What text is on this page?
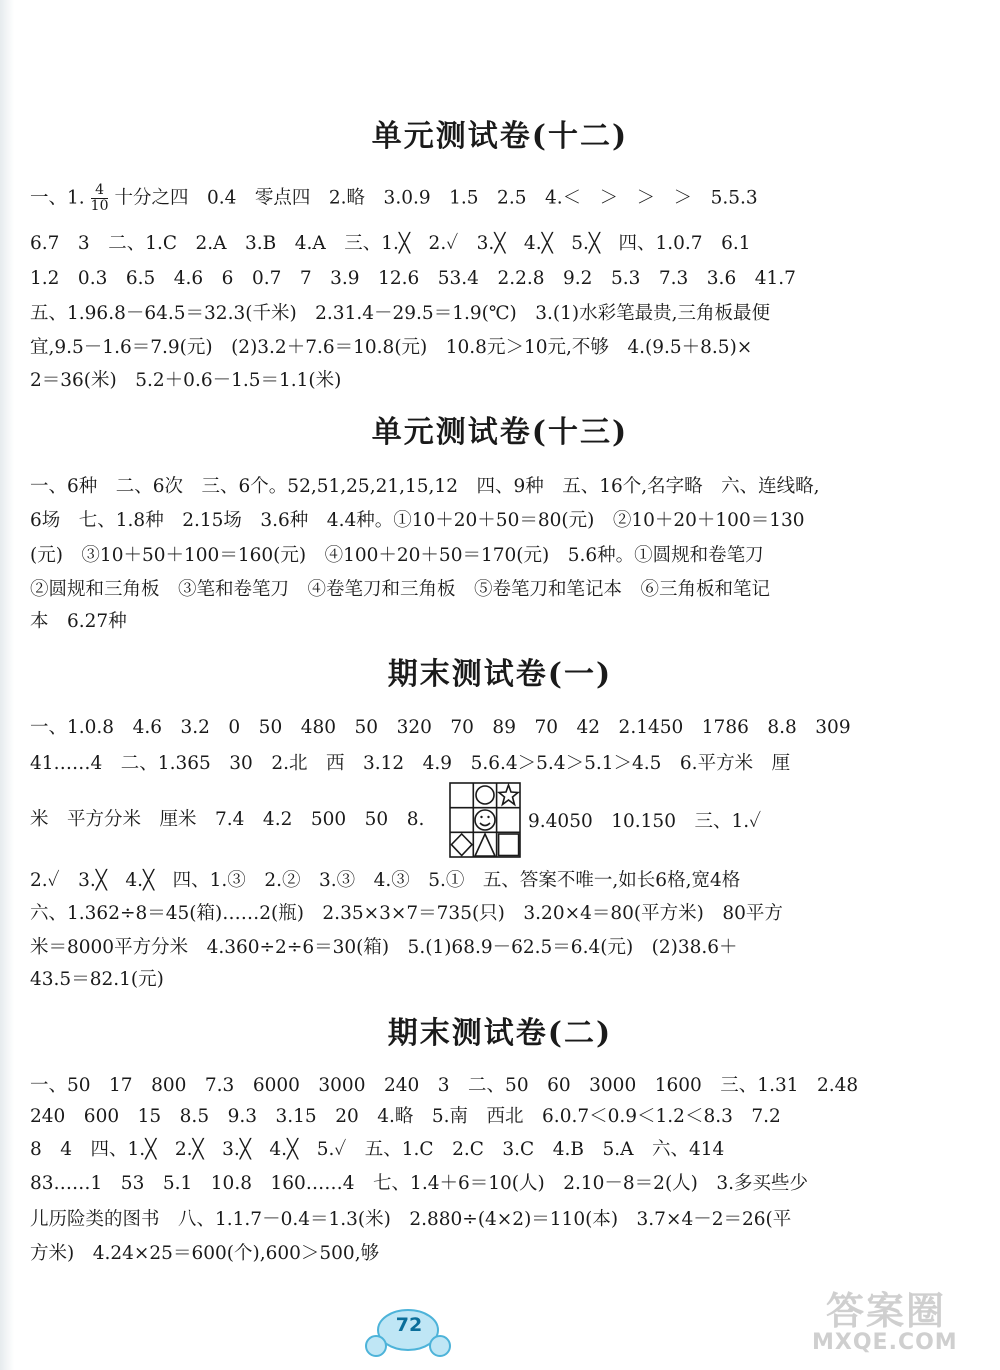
单元测试卷(十二)
一、1. $\frac{4}{10}$ 十分之四　0.4　零点四　2.略　3.0.9　1.5　2.5　4.＜　＞　＞　＞　5.5.3
6.7　3　二、1.C　2.A　3.B　4.A　三、1.╳　2.✓　3.╳　4.╳　5.╳　四、1.0.7　6.1
1.2　0.3　6.5　4.6　6　0.7　7　3.9　12.6　53.4　2.2.8　9.2　5.3　7.3　3.6　41.7
五、1.96.8－64.5＝32.3(千米)　2.31.4－29.5＝1.9(℃)　3.(1)水彩笔最贵,三角板最便
宜,9.5－1.6＝7.9(元)　(2)3.2＋7.6＝10.8(元)　10.8元＞10元,不够　4.(9.5＋8.5)×
2＝36(米)　5.2＋0.6－1.5＝1.1(米)
单元测试卷(十三)
一、6种　二、6次　三、6个。52,51,25,21,15,12　四、9种　五、16个,名字略　六、连线略,
6场　七、1.8种　2.15场　3.6种　4.4种。①10＋20＋50＝80(元)　②10＋20＋100＝130
(元)　③10＋50＋100＝160(元)　④100＋20＋50＝170(元)　5.6种。①圆规和卷笔刀
②圆规和三角板　③笔和卷笔刀　④卷笔刀和三角板　⑤卷笔刀和笔记本　⑥三角板和笔记
本　6.27种
期末测试卷(一)
一、1.0.8　4.6　3.2　0　50　480　50　320　70　89　70　42　2.1450　1786　8.8　309
41……4　二、1.365　30　2.北　西　3.12　4.9　5.6.4＞5.4＞5.1＞4.5　6.平方米　厘
米　平方分米　厘米　7.4　4.2　500　50　8.	9.4050　10.150　三、1.✓
2.✓　3.╳　4.╳　四、1.③　2.②　3.③　4.③　5.①　五、答案不唯一,如长6格,宽4格
六、1.362÷8＝45(箱)……2(瓶)　2.35×3×7＝735(只)　3.20×4＝80(平方米)　80平方
米＝8000平方分米　4.360÷2÷6＝30(箱)　5.(1)68.9－62.5＝6.4(元)　(2)38.6＋
43.5＝82.1(元)
期末测试卷(二)
一、50　17　800　7.3　6000　3000　240　3　二、50　60　3000　1600　三、1.31　2.48
240　600　15　8.5　9.3　3.15　20　4.略　5.南　西北　6.0.7＜0.9＜1.2＜8.3　7.2
8　4　四、1.╳　2.╳　3.╳　4.╳　5.✓　五、1.C　2.C　3.C　4.B　5.A　六、414
83……1　53　5.1　10.8　160……4　七、1.4＋6＝10(人)　2.10－8＝2(人)　3.多买些少
儿历险类的图书　八、1.1.7－0.4＝1.3(米)　2.880÷(4×2)＝110(本)　3.7×4－2＝26(平
方米)　4.24×25＝600(个),600＞500,够
72	答案圈
MXQE.COM
